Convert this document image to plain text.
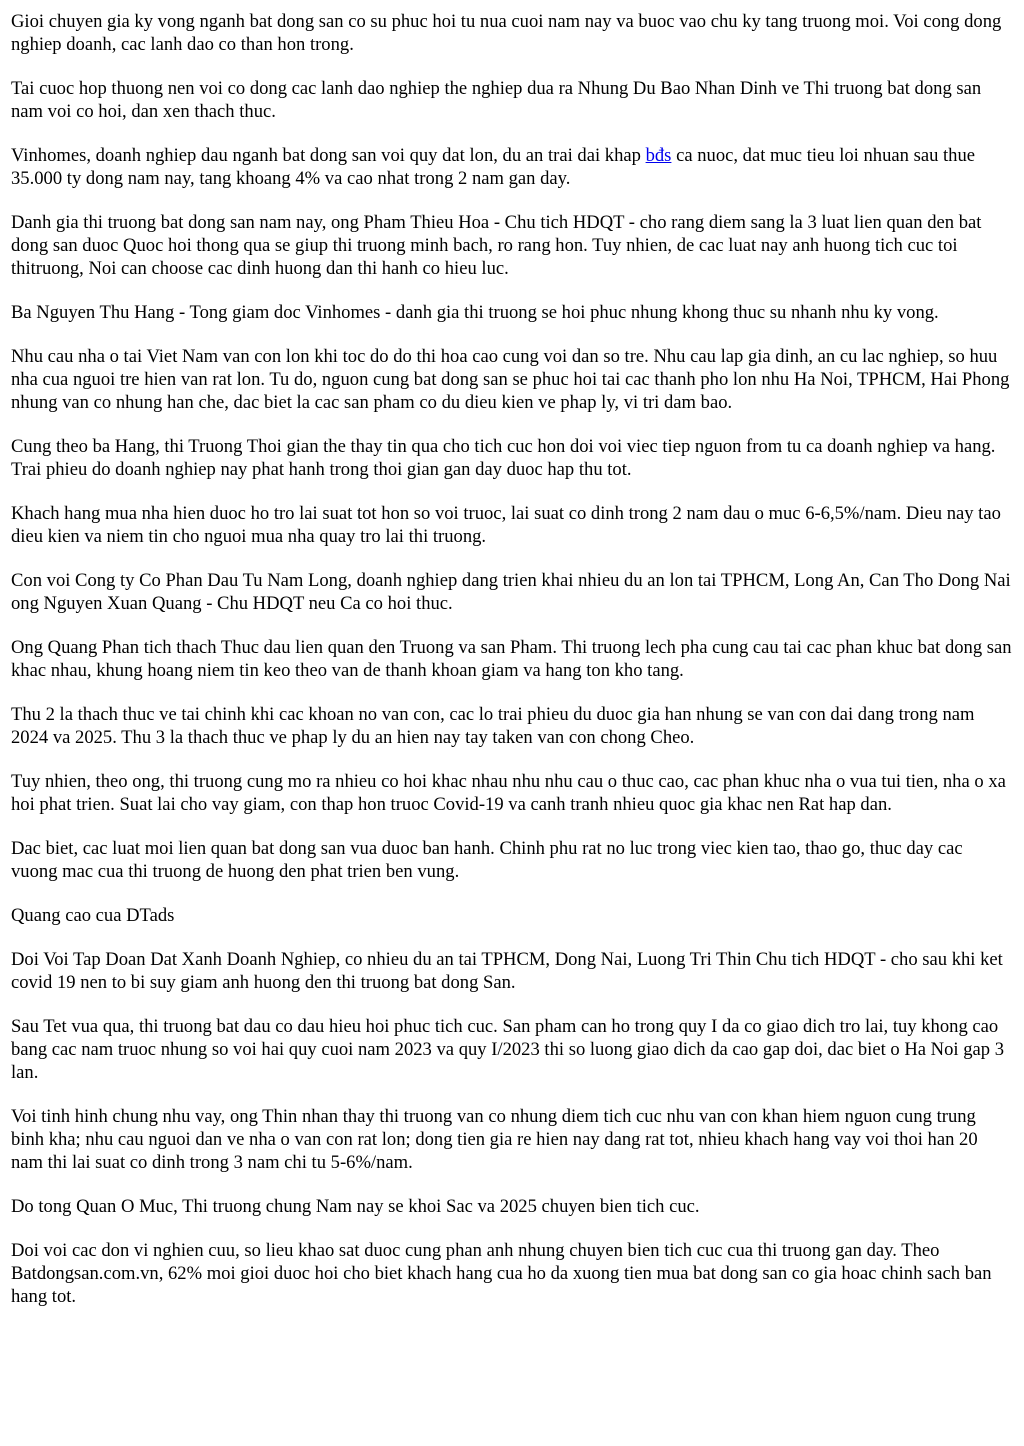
Gioi chuyen gia ky vong nganh bat dong san co su phuc hoi tu nua cuoi nam nay va buoc vao chu ky tang truong moi. Voi cong dong nghiep doanh, cac lanh dao co than hon trong.

Tai cuoc hop thuong nen voi co dong cac lanh dao nghiep the nghiep dua ra Nhung Du Bao Nhan Dinh ve Thi truong bat dong san nam voi co hoi, dan xen thach thuc.

Vinhomes, doanh nghiep dau nganh bat dong san voi quy dat lon, du an trai dai khap bđs ca nuoc, dat muc tieu loi nhuan sau thue 35.000 ty dong nam nay, tang khoang 4% va cao nhat trong 2 nam gan day.

Danh gia thi truong bat dong san nam nay, ong Pham Thieu Hoa - Chu tich HDQT - cho rang diem sang la 3 luat lien quan den bat dong san duoc Quoc hoi thong qua se giup thi truong minh bach, ro rang hon. Tuy nhien, de cac luat nay anh huong tich cuc toi thitruong, Noi can choose cac dinh huong dan thi hanh co hieu luc.

Ba Nguyen Thu Hang - Tong giam doc Vinhomes - danh gia thi truong se hoi phuc nhung khong thuc su nhanh nhu ky vong.

Nhu cau nha o tai Viet Nam van con lon khi toc do do thi hoa cao cung voi dan so tre. Nhu cau lap gia dinh, an cu lac nghiep, so huu nha cua nguoi tre hien van rat lon. Tu do, nguon cung bat dong san se phuc hoi tai cac thanh pho lon nhu Ha Noi, TPHCM, Hai Phong nhung van co nhung han che, dac biet la cac san pham co du dieu kien ve phap ly, vi tri dam bao.

Cung theo ba Hang, thi Truong Thoi gian the thay tin qua cho tich cuc hon doi voi viec tiep nguon from tu ca doanh nghiep va hang. Trai phieu do doanh nghiep nay phat hanh trong thoi gian gan day duoc hap thu tot.

Khach hang mua nha hien duoc ho tro lai suat tot hon so voi truoc, lai suat co dinh trong 2 nam dau o muc 6-6,5%/nam. Dieu nay tao dieu kien va niem tin cho nguoi mua nha quay tro lai thi truong.

Con voi Cong ty Co Phan Dau Tu Nam Long, doanh nghiep dang trien khai nhieu du an lon tai TPHCM, Long An, Can Tho Dong Nai ong Nguyen Xuan Quang - Chu HDQT neu Ca co hoi thuc.

Ong Quang Phan tich thach Thuc dau lien quan den Truong va san Pham. Thi truong lech pha cung cau tai cac phan khuc bat dong san khac nhau, khung hoang niem tin keo theo van de thanh khoan giam va hang ton kho tang.

Thu 2 la thach thuc ve tai chinh khi cac khoan no van con, cac lo trai phieu du duoc gia han nhung se van con dai dang trong nam 2024 va 2025. Thu 3 la thach thuc ve phap ly du an hien nay tay taken van con chong Cheo.

Tuy nhien, theo ong, thi truong cung mo ra nhieu co hoi khac nhau nhu nhu cau o thuc cao, cac phan khuc nha o vua tui tien, nha o xa hoi phat trien. Suat lai cho vay giam, con thap hon truoc Covid-19 va canh tranh nhieu quoc gia khac nen Rat hap dan.

Dac biet, cac luat moi lien quan bat dong san vua duoc ban hanh. Chinh phu rat no luc trong viec kien tao, thao go, thuc day cac vuong mac cua thi truong de huong den phat trien ben vung.

Quang cao cua DTads

Doi Voi Tap Doan Dat Xanh Doanh Nghiep, co nhieu du an tai TPHCM, Dong Nai, Luong Tri Thin Chu tich HDQT - cho sau khi ket covid 19 nen to bi suy giam anh huong den thi truong bat dong San.

Sau Tet vua qua, thi truong bat dau co dau hieu hoi phuc tich cuc. San pham can ho trong quy I da co giao dich tro lai, tuy khong cao bang cac nam truoc nhung so voi hai quy cuoi nam 2023 va quy I/2023 thi so luong giao dich da cao gap doi, dac biet o Ha Noi gap 3 lan.

Voi tinh hinh chung nhu vay, ong Thin nhan thay thi truong van co nhung diem tich cuc nhu van con khan hiem nguon cung trung binh kha; nhu cau nguoi dan ve nha o van con rat lon; dong tien gia re hien nay dang rat tot, nhieu khach hang vay voi thoi han 20 nam thi lai suat co dinh trong 3 nam chi tu 5-6%/nam.

Do tong Quan O Muc, Thi truong chung Nam nay se khoi Sac va 2025 chuyen bien tich cuc.

Doi voi cac don vi nghien cuu, so lieu khao sat duoc cung phan anh nhung chuyen bien tich cuc cua thi truong gan day. Theo Batdongsan.com.vn, 62% moi gioi duoc hoi cho biet khach hang cua ho da xuong tien mua bat dong san co gia hoac chinh sach ban hang tot.
